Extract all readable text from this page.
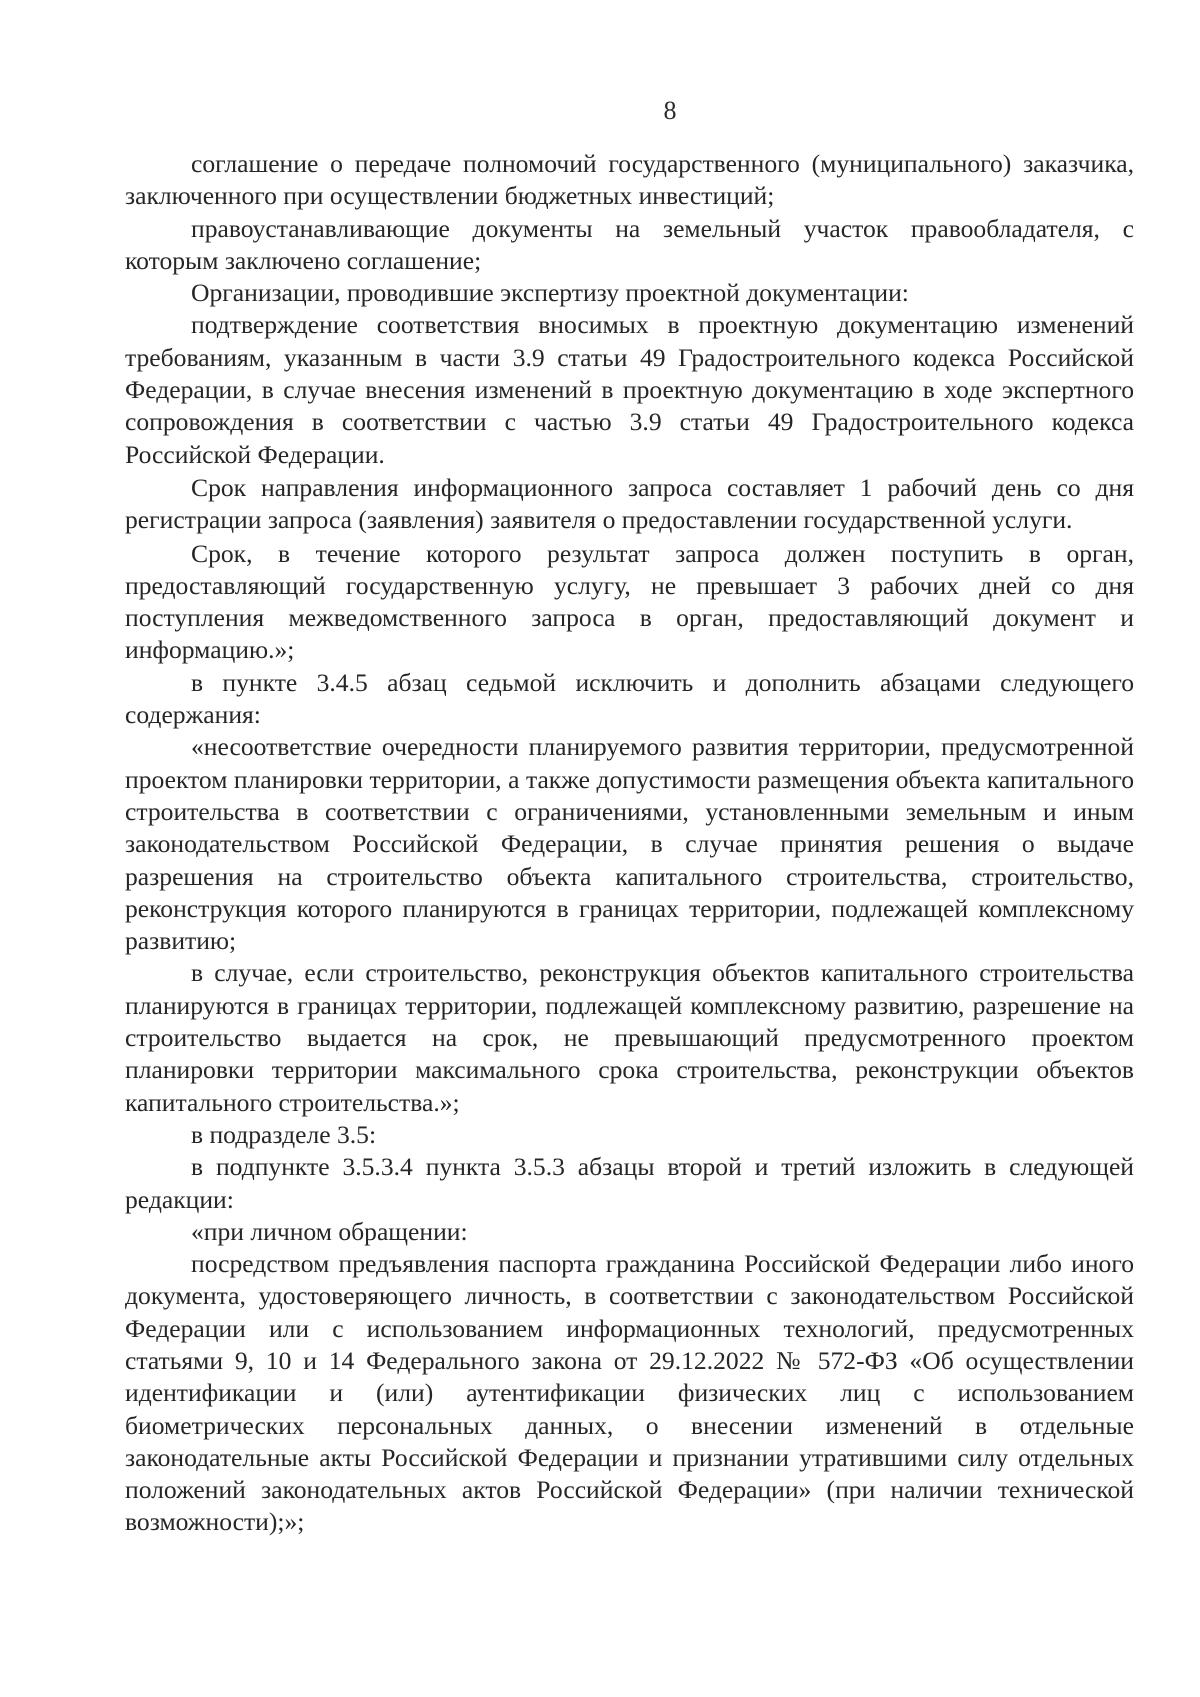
8

соглашение о передаче полномочий государственного (муниципального) заказчика, заключенного при осуществлении бюджетных инвестиций;

правоустанавливающие документы на земельный участок правообладателя, с которым заключено соглашение;

Организации, проводившие экспертизу проектной документации:

подтверждение соответствия вносимых в проектную документацию изменений требованиям, указанным в части 3.9 статьи 49 Градостроительного кодекса Российской Федерации, в случае внесения изменений в проектную документацию в ходе экспертного сопровождения в соответствии с частью 3.9 статьи 49 Градостроительного кодекса Российской Федерации.

Срок направления информационного запроса составляет 1 рабочий день со дня регистрации запроса (заявления) заявителя о предоставлении государственной услуги.

Срок, в течение которого результат запроса должен поступить в орган, предоставляющий государственную услугу, не превышает 3 рабочих дней со дня поступления межведомственного запроса в орган, предоставляющий документ и информацию.»;

в пункте 3.4.5 абзац седьмой исключить и дополнить абзацами следующего содержания:

«несоответствие очередности планируемого развития территории, предусмотренной проектом планировки территории, а также допустимости размещения объекта капитального строительства в соответствии с ограничениями, установленными земельным и иным законодательством Российской Федерации, в случае принятия решения о выдаче разрешения на строительство объекта капитального строительства, строительство, реконструкция которого планируются в границах территории, подлежащей комплексному развитию;

в случае, если строительство, реконструкция объектов капитального строительства планируются в границах территории, подлежащей комплексному развитию, разрешение на строительство выдается на срок, не превышающий предусмотренного проектом планировки территории максимального срока строительства, реконструкции объектов капитального строительства.»;

в подразделе 3.5:

в подпункте 3.5.3.4 пункта 3.5.3 абзацы второй и третий изложить в следующей редакции:

«при личном обращении:

посредством предъявления паспорта гражданина Российской Федерации либо иного документа, удостоверяющего личность, в соответствии с законодательством Российской Федерации или с использованием информационных технологий, предусмотренных статьями 9, 10 и 14 Федерального закона от 29.12.2022 № 572-ФЗ «Об осуществлении идентификации и (или) аутентификации физических лиц с использованием биометрических персональных данных, о внесении изменений в отдельные законодательные акты Российской Федерации и признании утратившими силу отдельных положений законодательных актов Российской Федерации» (при наличии технической возможности);»;
